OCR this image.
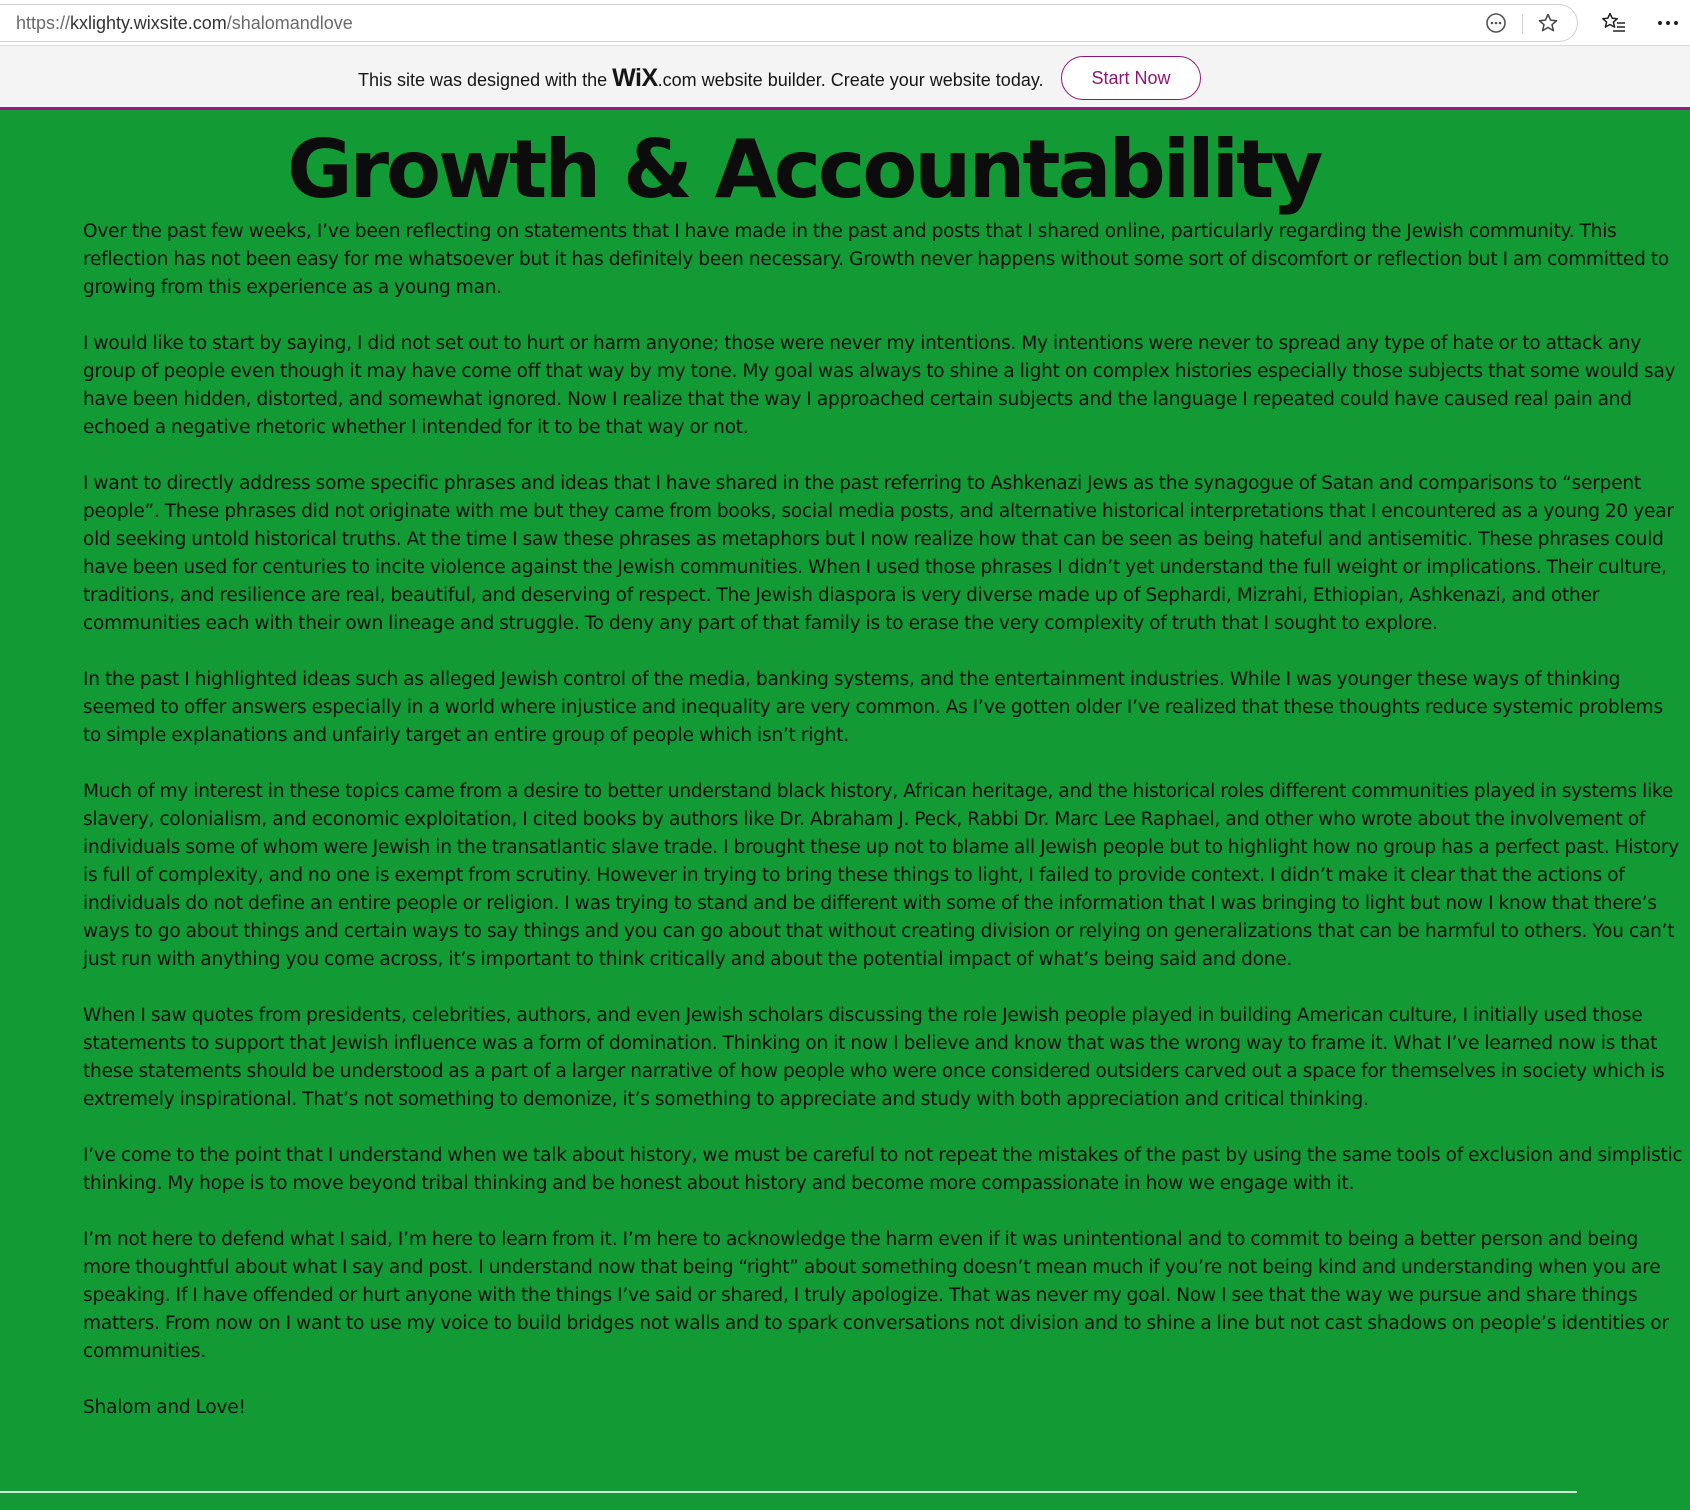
https://kxlighty.wixsite.com/shalomandlove
This site was designed with the WiX.com website builder. Create your website today.	Start Now
Growth & Accountability

Over the past few weeks, I’ve been reflecting on statements that I have made in the past and posts that I shared online, particularly regarding the Jewish community. This reflection has not been easy for me whatsoever but it has definitely been necessary. Growth never happens without some sort of discomfort or reflection but I am committed to growing from this experience as a young man.

I would like to start by saying, I did not set out to hurt or harm anyone; those were never my intentions. My intentions were never to spread any type of hate or to attack any group of people even though it may have come off that way by my tone. My goal was always to shine a light on complex histories especially those subjects that some would say have been hidden, distorted, and somewhat ignored. Now I realize that the way I approached certain subjects and the language I repeated could have caused real pain and echoed a negative rhetoric whether I intended for it to be that way or not.

I want to directly address some specific phrases and ideas that I have shared in the past referring to Ashkenazi Jews as the synagogue of Satan and comparisons to “serpent people”. These phrases did not originate with me but they came from books, social media posts, and alternative historical interpretations that I encountered as a young 20 year old seeking untold historical truths. At the time I saw these phrases as metaphors but I now realize how that can be seen as being hateful and antisemitic. These phrases could have been used for centuries to incite violence against the Jewish communities. When I used those phrases I didn’t yet understand the full weight or implications. Their culture, traditions, and resilience are real, beautiful, and deserving of respect. The Jewish diaspora is very diverse made up of Sephardi, Mizrahi, Ethiopian, Ashkenazi, and other communities each with their own lineage and struggle. To deny any part of that family is to erase the very complexity of truth that I sought to explore.

In the past I highlighted ideas such as alleged Jewish control of the media, banking systems, and the entertainment industries. While I was younger these ways of thinking seemed to offer answers especially in a world where injustice and inequality are very common. As I’ve gotten older I’ve realized that these thoughts reduce systemic problems to simple explanations and unfairly target an entire group of people which isn’t right.

Much of my interest in these topics came from a desire to better understand black history, African heritage, and the historical roles different communities played in systems like slavery, colonialism, and economic exploitation, I cited books by authors like Dr. Abraham J. Peck, Rabbi Dr. Marc Lee Raphael, and other who wrote about the involvement of individuals some of whom were Jewish in the transatlantic slave trade. I brought these up not to blame all Jewish people but to highlight how no group has a perfect past. History is full of complexity, and no one is exempt from scrutiny. However in trying to bring these things to light, I failed to provide context. I didn’t make it clear that the actions of individuals do not define an entire people or religion. I was trying to stand and be different with some of the information that I was bringing to light but now I know that there’s ways to go about things and certain ways to say things and you can go about that without creating division or relying on generalizations that can be harmful to others. You can’t just run with anything you come across, it’s important to think critically and about the potential impact of what’s being said and done.

When I saw quotes from presidents, celebrities, authors, and even Jewish scholars discussing the role Jewish people played in building American culture, I initially used those statements to support that Jewish influence was a form of domination. Thinking on it now I believe and know that was the wrong way to frame it. What I’ve learned now is that these statements should be understood as a part of a larger narrative of how people who were once considered outsiders carved out a space for themselves in society which is extremely inspirational. That’s not something to demonize, it’s something to appreciate and study with both appreciation and critical thinking.

I’ve come to the point that I understand when we talk about history, we must be careful to not repeat the mistakes of the past by using the same tools of exclusion and simplistic thinking. My hope is to move beyond tribal thinking and be honest about history and become more compassionate in how we engage with it.

I’m not here to defend what I said, I’m here to learn from it. I’m here to acknowledge the harm even if it was unintentional and to commit to being a better person and being more thoughtful about what I say and post. I understand now that being “right” about something doesn’t mean much if you’re not being kind and understanding when you are speaking. If I have offended or hurt anyone with the things I’ve said or shared, I truly apologize. That was never my goal. Now I see that the way we pursue and share things matters. From now on I want to use my voice to build bridges not walls and to spark conversations not division and to shine a line but not cast shadows on people’s identities or communities.

Shalom and Love!
